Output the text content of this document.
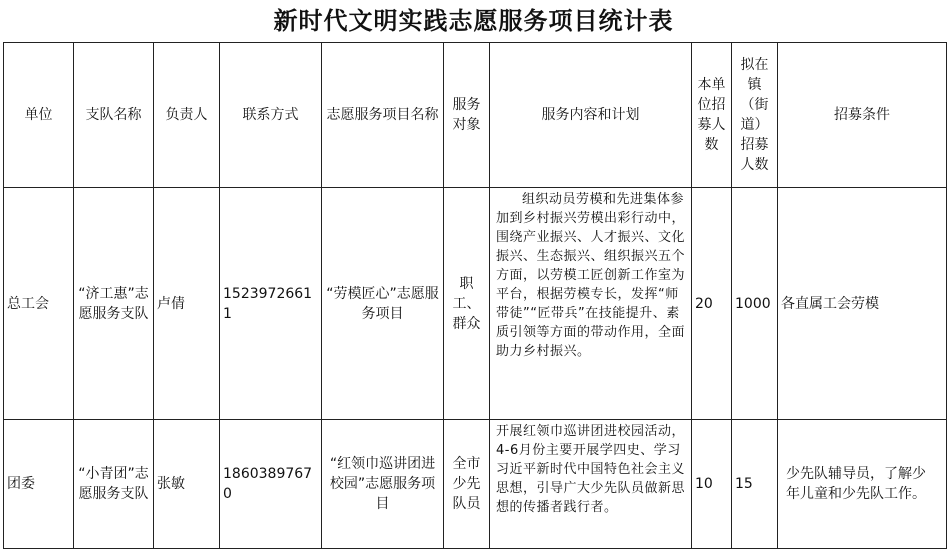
新时代文明实践志愿服务项目统计表
单位	支队名称	负责人	联系方式	志愿服务项目名称	服务对象	服务内容和计划	本单位招募人数	拟在镇（街道）招募人数	招募条件
总工会	“济工惠”志愿服务支队	卢倩	15239726611	“劳模匠心”志愿服务项目	职工、群众	组织动员劳模和先进集体参加到乡村振兴劳模出彩行动中，围绕产业振兴、人才振兴、文化振兴、生态振兴、组织振兴五个方面，以劳模工匠创新工作室为平台，根据劳模专长，发挥“师带徒”“匠带兵”在技能提升、素质引领等方面的带动作用，全面助力乡村振兴。	20	1000	各直属工会劳模
团委	“小青团”志愿服务支队	张敏	18603897670	“红领巾巡讲团进校园”志愿服务项目	全市少先队员	开展红领巾巡讲团进校园活动，4-6月份主要开展学四史、学习习近平新时代中国特色社会主义思想，引导广大少先队员做新思想的传播者践行者。	10	15	少先队辅导员，了解少年儿童和少先队工作。
